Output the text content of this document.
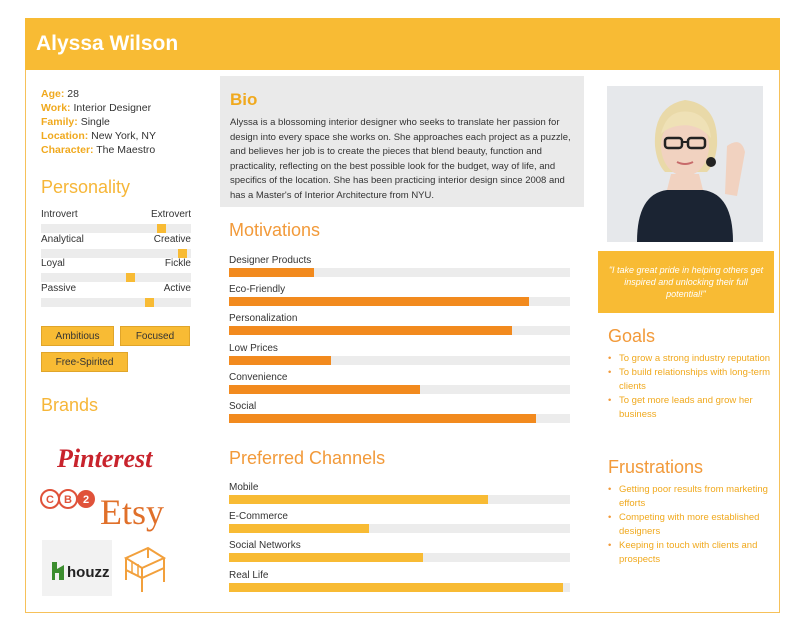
Alyssa Wilson
Age: 28
Work: Interior Designer
Family: Single
Location: New York, NY
Character: The Maestro
Personality
Introvert	Extrovert
Analytical	Creative
Loyal	Fickle
Passive	Active
Ambitious	Focused
Free-Spirited
Brands
Pinterest
C B 2 Etsy
houzz
Bio
Alyssa is a blossoming interior designer who seeks to translate her passion for design into every space she works on. She approaches each project as a puzzle, and believes her job is to create the pieces that blend beauty, function and practicality, reflecting on the best possible look for the budget, way of life, and specifics of the location. She has been practicing interior design since 2008 and has a Master's of Interior Architecture from NYU.
Motivations
Designer Products
Eco-Friendly
Personalization
Low Prices
Convenience
Social
Preferred Channels
Mobile
E-Commerce
Social Networks
Real Life
"I take great pride in helping others get inspired and unlocking their full potential!"
Goals
• To grow a strong industry reputation
• To build relationships with long-term clients
• To get more leads and grow her business
Frustrations
• Getting poor results from marketing efforts
• Competing with more established designers
• Keeping in touch with clients and prospects
